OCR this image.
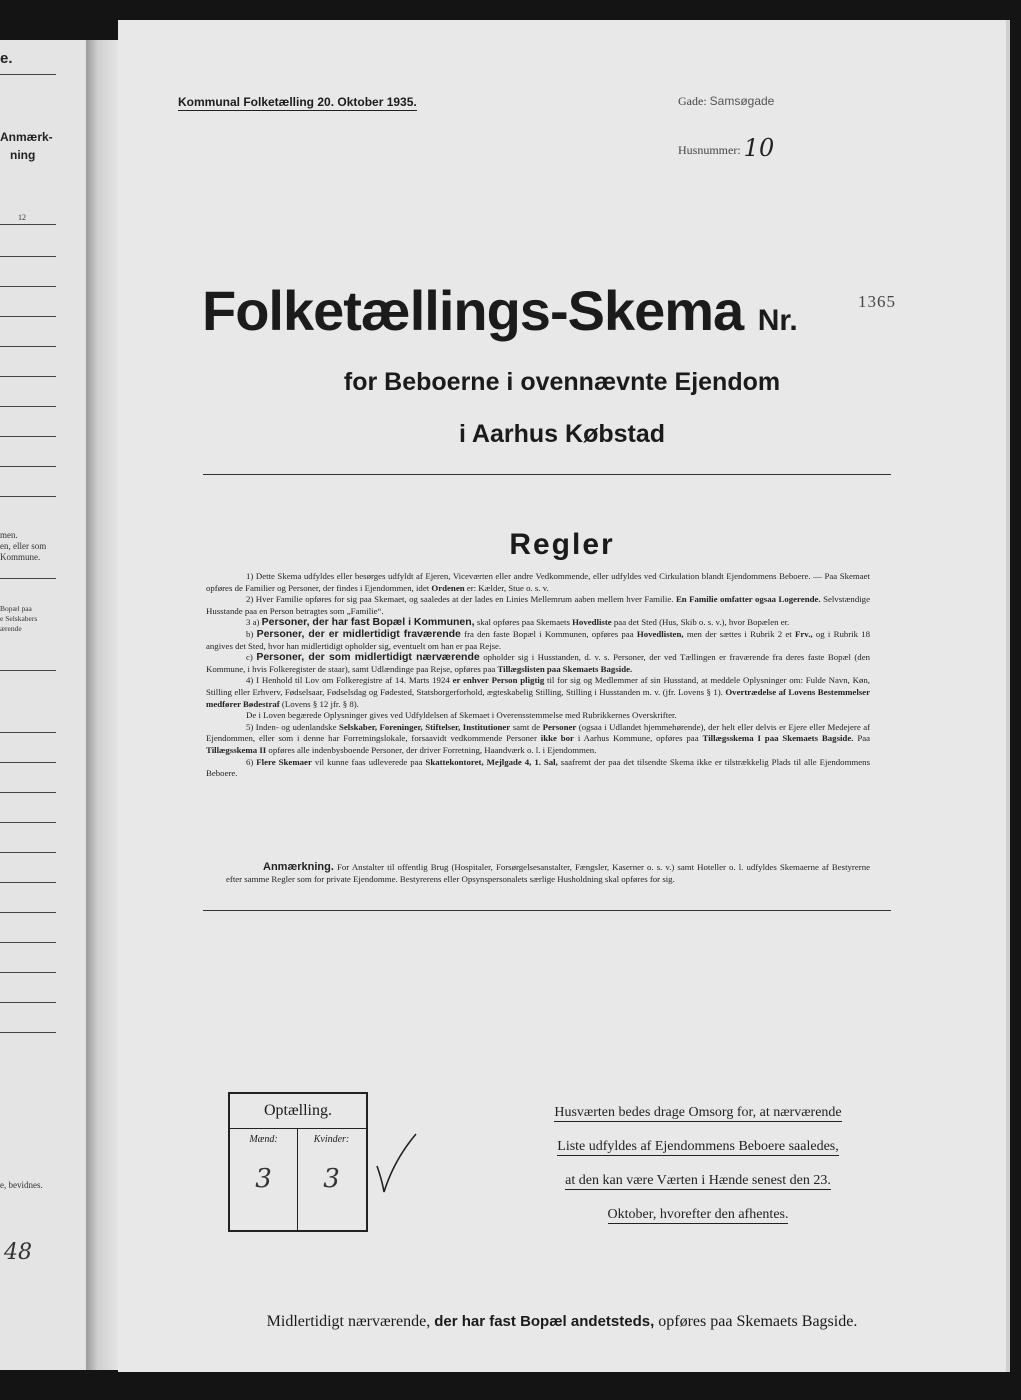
e.
Anmærk-
ning
12
men.
en, eller som
Kommune.
Bopæl paa
e Selskabers
ærende
e, bevidnes.
48
Kommunal Folketælling 20. Oktober 1935.	Gade: Samsøgade
Husnummer: 10
Folketællings-Skema Nr.
1365
for Beboerne i ovennævnte Ejendom
i Aarhus Købstad
Regler

1) Dette Skema udfyldes eller besørges udfyldt af Ejeren, Viceværten eller andre Vedkommende, eller udfyldes ved Cirkulation blandt Ejendommens Beboere. — Paa Skemaet opføres de Familier og Personer, der findes i Ejendommen, idet Ordenen er: Kælder, Stue o. s. v.

2) Hver Familie opføres for sig paa Skemaet, og saaledes at der lades en Linies Mellemrum aaben mellem hver Familie. En Familie omfatter ogsaa Logerende. Selvstændige Husstande paa en Person betragtes som „Familie“.

3 a) Personer, der har fast Bopæl i Kommunen, skal opføres paa Skemaets Hovedliste paa det Sted (Hus, Skib o. s. v.), hvor Bopælen er.

b) Personer, der er midlertidigt fraværende fra den faste Bopæl i Kommunen, opføres paa Hovedlisten, men der sættes i Rubrik 2 et Frv., og i Rubrik 18 angives det Sted, hvor han midlertidigt opholder sig, eventuelt om han er paa Rejse.

c) Personer, der som midlertidigt nærværende opholder sig i Husstanden, d. v. s. Personer, der ved Tællingen er fraværende fra deres faste Bopæl (den Kommune, i hvis Folkeregister de staar), samt Udlændinge paa Rejse, opføres paa Tillægslisten paa Skemaets Bagside.

4) I Henhold til Lov om Folkeregistre af 14. Marts 1924 er enhver Person pligtig til for sig og Medlemmer af sin Husstand, at meddele Oplysninger om: Fulde Navn, Køn, Stilling eller Erhverv, Fødselsaar, Fødselsdag og Fødested, Statsborgerforhold, ægteskabelig Stilling, Stilling i Husstanden m. v. (jfr. Lovens § 1). Overtrædelse af Lovens Bestemmelser medfører Bødestraf (Lovens § 12 jfr. § 8).

De i Loven begærede Oplysninger gives ved Udfyldelsen af Skemaet i Overensstemmelse med Rubrikkernes Overskrifter.

5) Inden- og udenlandske Selskaber, Foreninger, Stiftelser, Institutioner samt de Personer (ogsaa i Udlandet hjemmehørende), der helt eller delvis er Ejere eller Medejere af Ejendommen, eller som i denne har Forretningslokale, forsaavidt vedkommende Personer ikke bor i Aarhus Kommune, opføres paa Tillægsskema I paa Skemaets Bagside. Paa Tillægsskema II opføres alle indenbysboende Personer, der driver Forretning, Haandværk o. l. i Ejendommen.

6) Flere Skemaer vil kunne faas udleverede paa Skattekontoret, Mejlgade 4, 1. Sal, saafremt der paa det tilsendte Skema ikke er tilstrækkelig Plads til alle Ejendommens Beboere.

Anmærkning. For Anstalter til offentlig Brug (Hospitaler, Forsørgelsesanstalter, Fængsler, Kaserner o. s. v.) samt Hoteller o. l. udfyldes Skemaerne af Bestyrerne efter samme Regler som for private Ejendomme. Bestyrerens eller Opsynspersonalets særlige Husholdning skal opføres for sig.

Optælling.
Mænd:	Kvinder:
3	3
Husværten bedes drage Omsorg for, at nærværende
Liste udfyldes af Ejendommens Beboere saaledes,
at den kan være Værten i Hænde senest den 23.
Oktober, hvorefter den afhentes.
Midlertidigt nærværende, der har fast Bopæl andetsteds, opføres paa Skemaets Bagside.
